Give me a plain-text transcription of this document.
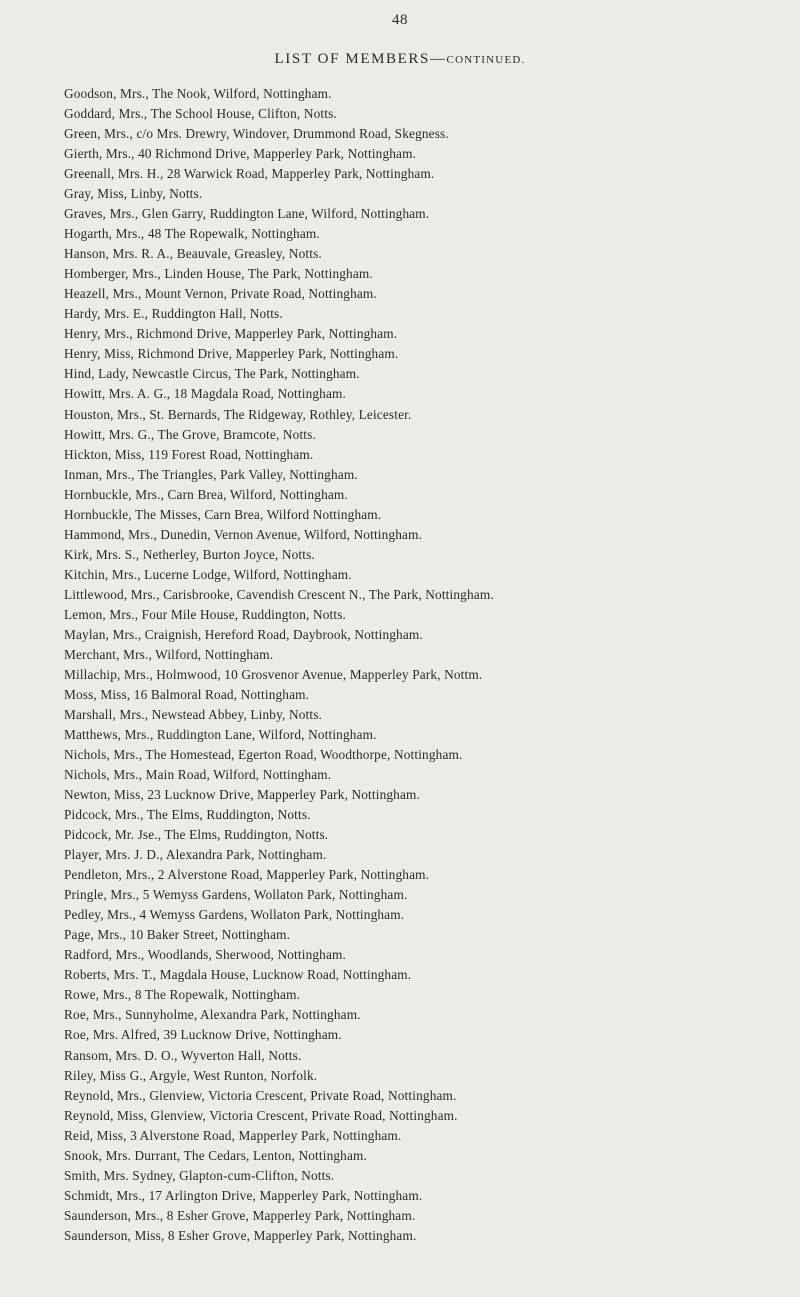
48
LIST OF MEMBERS—CONTINUED.
Goodson, Mrs., The Nook, Wilford, Nottingham.
Goddard, Mrs., The School House, Clifton, Notts.
Green, Mrs., c/o Mrs. Drewry, Windover, Drummond Road, Skegness.
Gierth, Mrs., 40 Richmond Drive, Mapperley Park, Nottingham.
Greenall, Mrs. H., 28 Warwick Road, Mapperley Park, Nottingham.
Gray, Miss, Linby, Notts.
Graves, Mrs., Glen Garry, Ruddington Lane, Wilford, Nottingham.
Hogarth, Mrs., 48 The Ropewalk, Nottingham.
Hanson, Mrs. R. A., Beauvale, Greasley, Notts.
Homberger, Mrs., Linden House, The Park, Nottingham.
Heazell, Mrs., Mount Vernon, Private Road, Nottingham.
Hardy, Mrs. E., Ruddington Hall, Notts.
Henry, Mrs., Richmond Drive, Mapperley Park, Nottingham.
Henry, Miss, Richmond Drive, Mapperley Park, Nottingham.
Hind, Lady, Newcastle Circus, The Park, Nottingham.
Howitt, Mrs. A. G., 18 Magdala Road, Nottingham.
Houston, Mrs., St. Bernards, The Ridgeway, Rothley, Leicester.
Howitt, Mrs. G., The Grove, Bramcote, Notts.
Hickton, Miss, 119 Forest Road, Nottingham.
Inman, Mrs., The Triangles, Park Valley, Nottingham.
Hornbuckle, Mrs., Carn Brea, Wilford, Nottingham.
Hornbuckle, The Misses, Carn Brea, Wilford Nottingham.
Hammond, Mrs., Dunedin, Vernon Avenue, Wilford, Nottingham.
Kirk, Mrs. S., Netherley, Burton Joyce, Notts.
Kitchin, Mrs., Lucerne Lodge, Wilford, Nottingham.
Littlewood, Mrs., Carisbrooke, Cavendish Crescent N., The Park, Nottingham.
Lemon, Mrs., Four Mile House, Ruddington, Notts.
Maylan, Mrs., Craignish, Hereford Road, Daybrook, Nottingham.
Merchant, Mrs., Wilford, Nottingham.
Millachip, Mrs., Holmwood, 10 Grosvenor Avenue, Mapperley Park, Nottm.
Moss, Miss, 16 Balmoral Road, Nottingham.
Marshall, Mrs., Newstead Abbey, Linby, Notts.
Matthews, Mrs., Ruddington Lane, Wilford, Nottingham.
Nichols, Mrs., The Homestead, Egerton Road, Woodthorpe, Nottingham.
Nichols, Mrs., Main Road, Wilford, Nottingham.
Newton, Miss, 23 Lucknow Drive, Mapperley Park, Nottingham.
Pidcock, Mrs., The Elms, Ruddington, Notts.
Pidcock, Mr. Jse., The Elms, Ruddington, Notts.
Player, Mrs. J. D., Alexandra Park, Nottingham.
Pendleton, Mrs., 2 Alverstone Road, Mapperley Park, Nottingham.
Pringle, Mrs., 5 Wemyss Gardens, Wollaton Park, Nottingham.
Pedley, Mrs., 4 Wemyss Gardens, Wollaton Park, Nottingham.
Page, Mrs., 10 Baker Street, Nottingham.
Radford, Mrs., Woodlands, Sherwood, Nottingham.
Roberts, Mrs. T., Magdala House, Lucknow Road, Nottingham.
Rowe, Mrs., 8 The Ropewalk, Nottingham.
Roe, Mrs., Sunnyholme, Alexandra Park, Nottingham.
Roe, Mrs. Alfred, 39 Lucknow Drive, Nottingham.
Ransom, Mrs. D. O., Wyverton Hall, Notts.
Riley, Miss G., Argyle, West Runton, Norfolk.
Reynold, Mrs., Glenview, Victoria Crescent, Private Road, Nottingham.
Reynold, Miss, Glenview, Victoria Crescent, Private Road, Nottingham.
Reid, Miss, 3 Alverstone Road, Mapperley Park, Nottingham.
Snook, Mrs. Durrant, The Cedars, Lenton, Nottingham.
Smith, Mrs. Sydney, Glapton-cum-Clifton, Notts.
Schmidt, Mrs., 17 Arlington Drive, Mapperley Park, Nottingham.
Saunderson, Mrs., 8 Esher Grove, Mapperley Park, Nottingham.
Saunderson, Miss, 8 Esher Grove, Mapperley Park, Nottingham.
